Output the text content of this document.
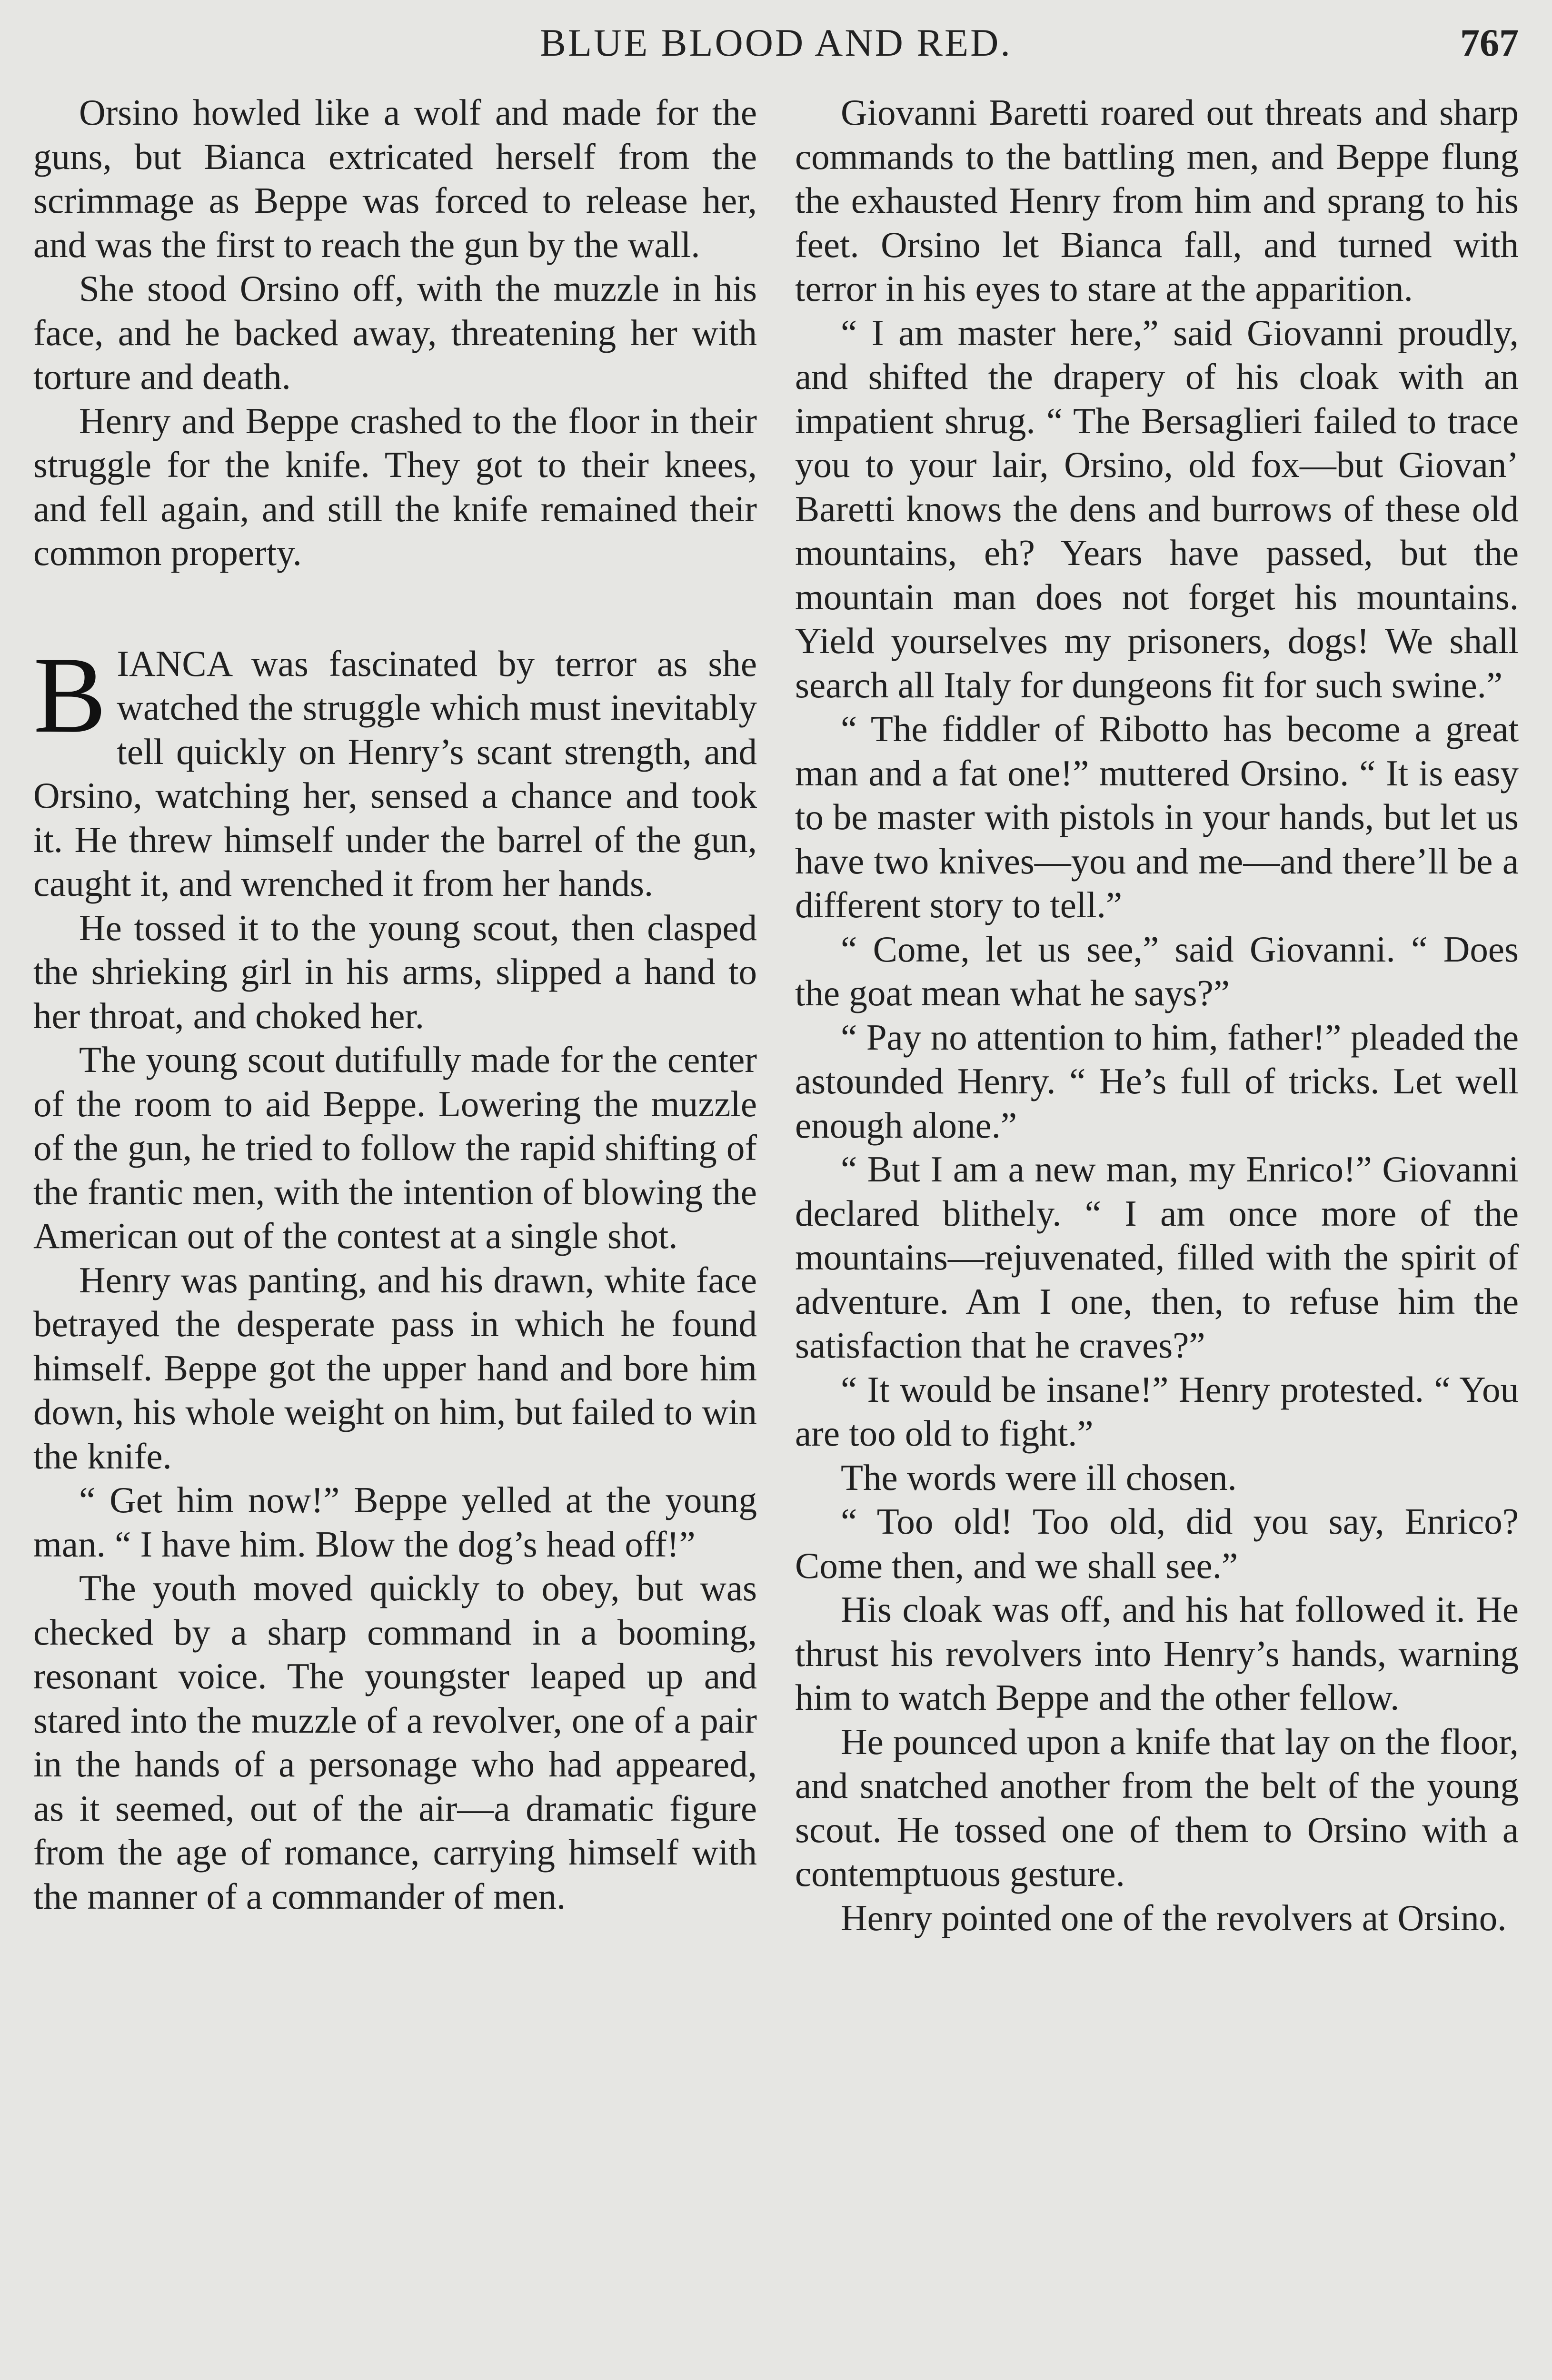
BLUE BLOOD AND RED.	767

Orsino howled like a wolf and made for the guns, but Bianca extricated herself from the scrimmage as Beppe was forced to release her, and was the first to reach the gun by the wall.

She stood Orsino off, with the muzzle in his face, and he backed away, threatening her with torture and death.

Henry and Beppe crashed to the floor in their struggle for the knife. They got to their knees, and fell again, and still the knife remained their common property.

BIANCA was fascinated by terror as she watched the struggle which must inevitably tell quickly on Henry’s scant strength, and Orsino, watching her, sensed a chance and took it. He threw himself under the barrel of the gun, caught it, and wrenched it from her hands.

He tossed it to the young scout, then clasped the shrieking girl in his arms, slipped a hand to her throat, and choked her.

The young scout dutifully made for the center of the room to aid Beppe. Lowering the muzzle of the gun, he tried to follow the rapid shifting of the frantic men, with the intention of blowing the American out of the contest at a single shot.

Henry was panting, and his drawn, white face betrayed the desperate pass in which he found himself. Beppe got the upper hand and bore him down, his whole weight on him, but failed to win the knife.

“ Get him now!” Beppe yelled at the young man. “ I have him. Blow the dog’s head off!”

The youth moved quickly to obey, but was checked by a sharp command in a booming, resonant voice. The youngster leaped up and stared into the muzzle of a revolver, one of a pair in the hands of a personage who had appeared, as it seemed, out of the air—a dramatic figure from the age of romance, carrying himself with the manner of a commander of men.

Giovanni Baretti roared out threats and sharp commands to the battling men, and Beppe flung the exhausted Henry from him and sprang to his feet. Orsino let Bianca fall, and turned with terror in his eyes to stare at the apparition.

“ I am master here,” said Giovanni proudly, and shifted the drapery of his cloak with an impatient shrug. “ The Bersaglieri failed to trace you to your lair, Orsino, old fox—but Giovan’ Baretti knows the dens and burrows of these old mountains, eh? Years have passed, but the mountain man does not forget his mountains. Yield yourselves my prisoners, dogs! We shall search all Italy for dungeons fit for such swine.”

“ The fiddler of Ribotto has become a great man and a fat one!” muttered Orsino. “ It is easy to be master with pistols in your hands, but let us have two knives—you and me—and there’ll be a different story to tell.”

“ Come, let us see,” said Giovanni. “ Does the goat mean what he says?”

“ Pay no attention to him, father!” pleaded the astounded Henry. “ He’s full of tricks. Let well enough alone.”

“ But I am a new man, my Enrico!” Giovanni declared blithely. “ I am once more of the mountains—rejuvenated, filled with the spirit of adventure. Am I one, then, to refuse him the satisfaction that he craves?”

“ It would be insane!” Henry protested. “ You are too old to fight.”

The words were ill chosen.

“ Too old! Too old, did you say, Enrico? Come then, and we shall see.”

His cloak was off, and his hat followed it. He thrust his revolvers into Henry’s hands, warning him to watch Beppe and the other fellow.

He pounced upon a knife that lay on the floor, and snatched another from the belt of the young scout. He tossed one of them to Orsino with a contemptuous gesture.

Henry pointed one of the revolvers at Orsino.
